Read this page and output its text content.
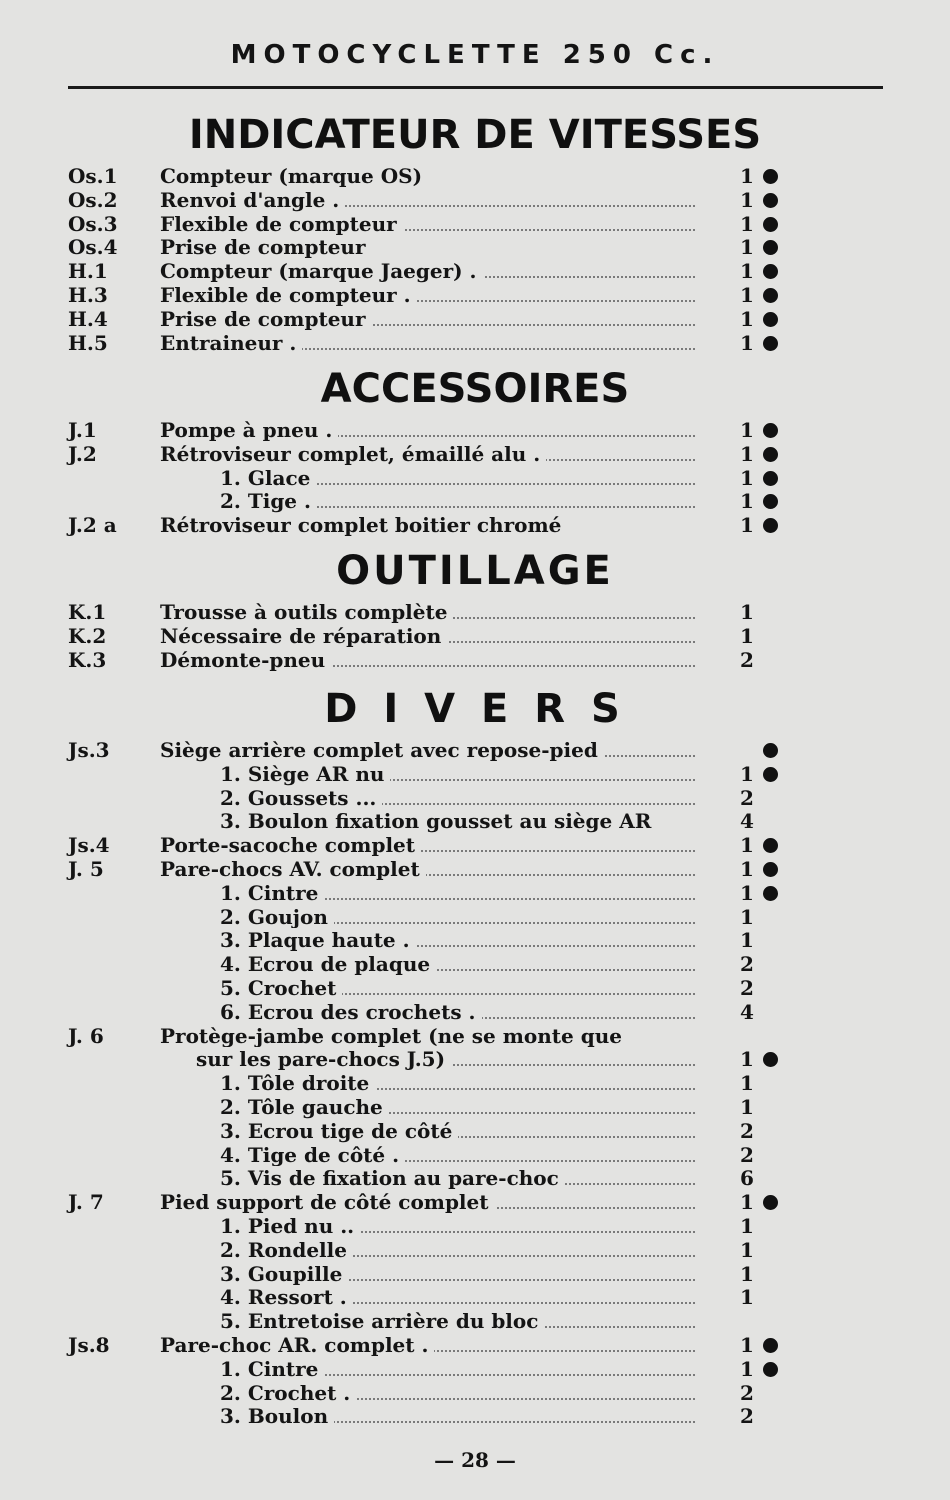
MOTOCYCLETTE 250 Cc.
INDICATEUR DE VITESSES
Os.1 Compteur (marque OS)	1
Os.2 Renvoi d'angle .	1
Os.3 Flexible de compteur	1
Os.4 Prise de compteur	1
H.1	Compteur (marque Jaeger) .	1
H.3	Flexible de compteur .	1
H.4	Prise de compteur	1
H.5	Entraineur .	1
ACCESSOIRES
J.1	Pompe à pneu .	1
J.2	Rétroviseur complet, émaillé alu .	1
1. Glace	1
2. Tige .	1
J.2 a Rétroviseur complet boitier chromé	1
OUTILLAGE
K.1	Trousse à outils complète	1
K.2	Nécessaire de réparation	1
K.3	Démonte-pneu	2
D I V E R S
Js.3	Siège arrière complet avec repose-pied
1. Siège AR nu	1
2. Goussets ...	2
3. Boulon fixation gousset au siège AR	4
Js.4	Porte-sacoche complet	1
J. 5	Pare-chocs AV. complet	1
1. Cintre	1
2. Goujon	1
3. Plaque haute .	1
4. Ecrou de plaque	2
5. Crochet	2
6. Ecrou des crochets .	4
J. 6	Protège-jambe complet (ne se monte que
sur les pare-chocs J.5)	1
1. Tôle droite	1
2. Tôle gauche	1
3. Ecrou tige de côté	2
4. Tige de côté .	2
5. Vis de fixation au pare-choc	6
J. 7	Pied support de côté complet	1
1. Pied nu ..	1
2. Rondelle	1
3. Goupille	1
4. Ressort .	1
5. Entretoise arrière du bloc
Js.8	Pare-choc AR. complet .	1
1. Cintre	1
2. Crochet .	2
3. Boulon	2
— 28 —
